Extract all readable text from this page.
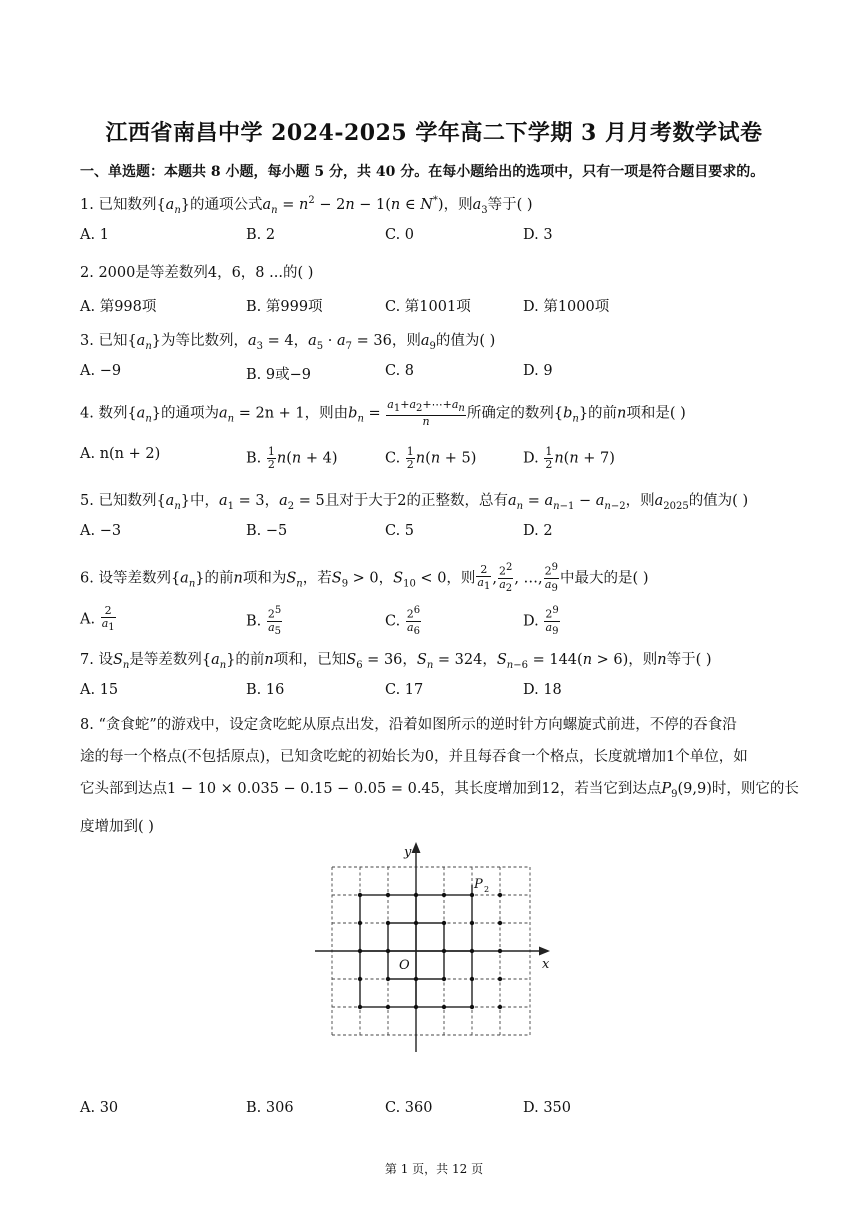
江西省南昌中学 2024-2025 学年高二下学期 3 月月考数学试卷
一、单选题：本题共 8 小题，每小题 5 分，共 40 分。在每小题给出的选项中，只有一项是符合题目要求的。
1. 已知数列$\{a_n\}$的通项公式$a_n = n^2 - 2n - 1(n$ ∈ N*)，则$a_3$等于( )
A. 1	B. 2	C. 0	D. 3
2. 2000是等差数列4，6，8 ...的( )
A. 第998项	B. 第999项	C. 第1001项	D. 第1000项
3. 已知$\{a_n\}$为等比数列，$a_3 = 4$，$a_5 \cdot a_7 = 36$，则$a_9$的值为( )
A. −9	B. 9或−9	C. 8	D. 9
4. 数列$\{a_n\}$的通项为$a_n = 2n + 1$，则由$b_n = \frac{a_1+a_2+\cdots+a_n}{n}$ 所确定的数列$\{b_n\}$的前n项和是( )
A. n(n + 2)	B. $\frac{1}{2} n(n + 4)$	C. $\frac{1}{2} n(n + 5)$	D. $\frac{1}{2} n(n + 7)$
5. 已知数列$\{a_n\}$中，$a_1 = 3$，$a_2 = 5$且对于大于2的正整数，总有$a_n = a_{n-1} - a_{n-2}$，则$a_{2025}$的值为( )
A. −3	B. −5	C. 5	D. 2
6. 设等差数列$\{a_n\}$的前n项和为$S_n$，若$S_9 > 0$，$S_{10} < 0$，则 $\frac{2}{a_1}$ , $\frac{2^2}{a_2}$ , …, $\frac{2^9}{a_9}$ 中最大的是( )
A. $\frac{2}{a_1}$	B. $\frac{2^5}{a_5}$	C. $\frac{2^6}{a_6}$	D. $\frac{2^9}{a_9}$
7. 设$S_n$是等差数列$\{a_n\}$的前n项和，已知$S_6 = 36$，$S_n = 324$，$S_{n-6} = 144(n > 6)$，则n等于( )
A. 15	B. 16	C. 17	D. 18
8. “贪食蛇”的游戏中，设定贪吃蛇从原点出发，沿着如图所示的逆时针方向螺旋式前进，不停的吞食沿
途的每一个格点(不包括原点)，已知贪吃蛇的初始长为0，并且每吞食一个格点，长度就增加1个单位，如
它头部到达点1 − 10 × 0.035 − 0.15 − 0.05 = 0.45，其长度增加到12，若当它到达点$P_9(9,9)$时，则它的长
度增加到( )
y
x
O
P 2
A. 30	B. 306	C. 360	D. 350
第 1 页，共 12 页
